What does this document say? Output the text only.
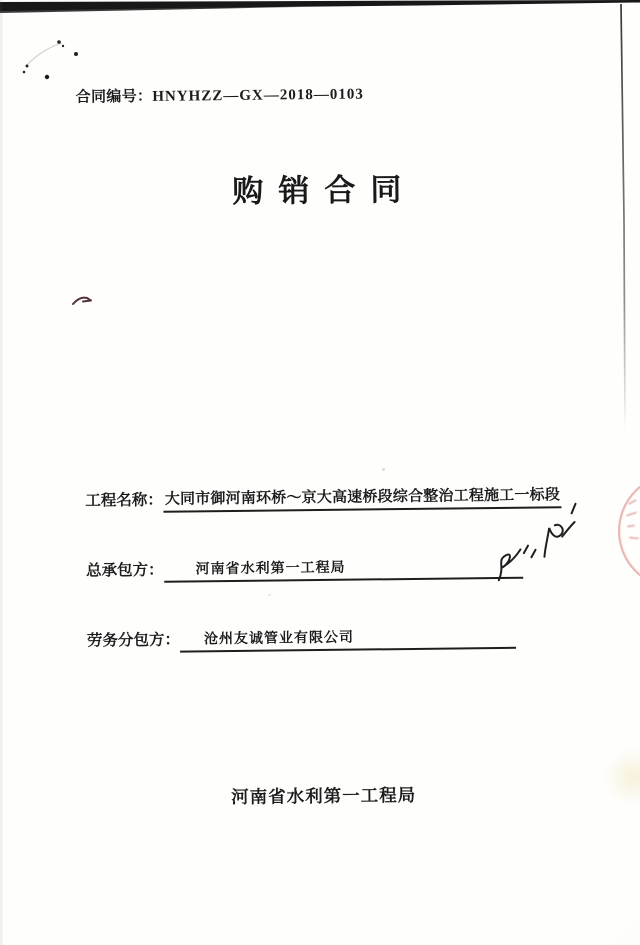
合同编号：HNYHZZ—GX—2018—0103
购销合同
工程名称： 大同市御河南环桥～京大高速桥段综合整治工程施工一标段
总承包方：	河南省水利第一工程局
劳务分包方：	沧州友诚管业有限公司
河南省水利第一工程局
